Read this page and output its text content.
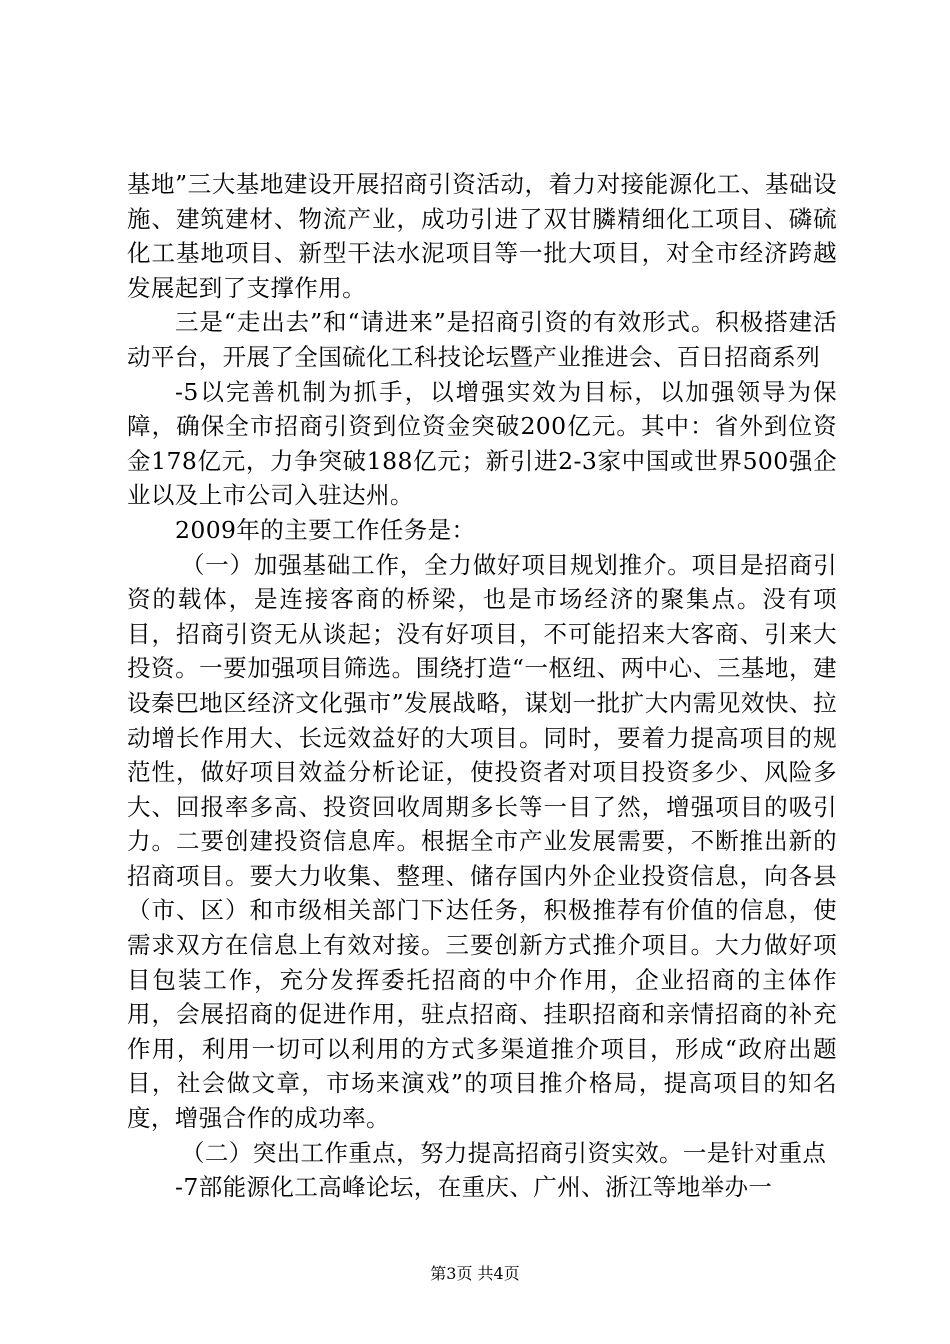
基地”三大基地建设开展招商引资活动，着力对接能源化工、基础设施、建筑建材、物流产业，成功引进了双甘膦精细化工项目、磷硫化工基地项目、新型干法水泥项目等一批大项目，对全市经济跨越发展起到了支撑作用。

三是“走出去”和“请进来”是招商引资的有效形式。积极搭建活动平台，开展了全国硫化工科技论坛暨产业推进会、百日招商系列

-5以完善机制为抓手，以增强实效为目标，以加强领导为保障，确保全市招商引资到位资金突破200亿元。其中：省外到位资金178亿元，力争突破188亿元；新引进2-3家中国或世界500强企业以及上市公司入驻达州。

2009年的主要工作任务是：

（一）加强基础工作，全力做好项目规划推介。项目是招商引资的载体，是连接客商的桥梁，也是市场经济的聚集点。没有项目，招商引资无从谈起；没有好项目，不可能招来大客商、引来大投资。一要加强项目筛选。围绕打造“一枢纽、两中心、三基地，建设秦巴地区经济文化强市”发展战略，谋划一批扩大内需见效快、拉动增长作用大、长远效益好的大项目。同时，要着力提高项目的规范性，做好项目效益分析论证，使投资者对项目投资多少、风险多大、回报率多高、投资回收周期多长等一目了然，增强项目的吸引力。二要创建投资信息库。根据全市产业发展需要，不断推出新的招商项目。要大力收集、整理、储存国内外企业投资信息，向各县（市、区）和市级相关部门下达任务，积极推荐有价值的信息，使需求双方在信息上有效对接。三要创新方式推介项目。大力做好项目包装工作，充分发挥委托招商的中介作用，企业招商的主体作用，会展招商的促进作用，驻点招商、挂职招商和亲情招商的补充作用，利用一切可以利用的方式多渠道推介项目，形成“政府出题目，社会做文章，市场来演戏”的项目推介格局，提高项目的知名度，增强合作的成功率。

（二）突出工作重点，努力提高招商引资实效。一是针对重点

-7部能源化工高峰论坛，在重庆、广州、浙江等地举办一

第3页 共4页
